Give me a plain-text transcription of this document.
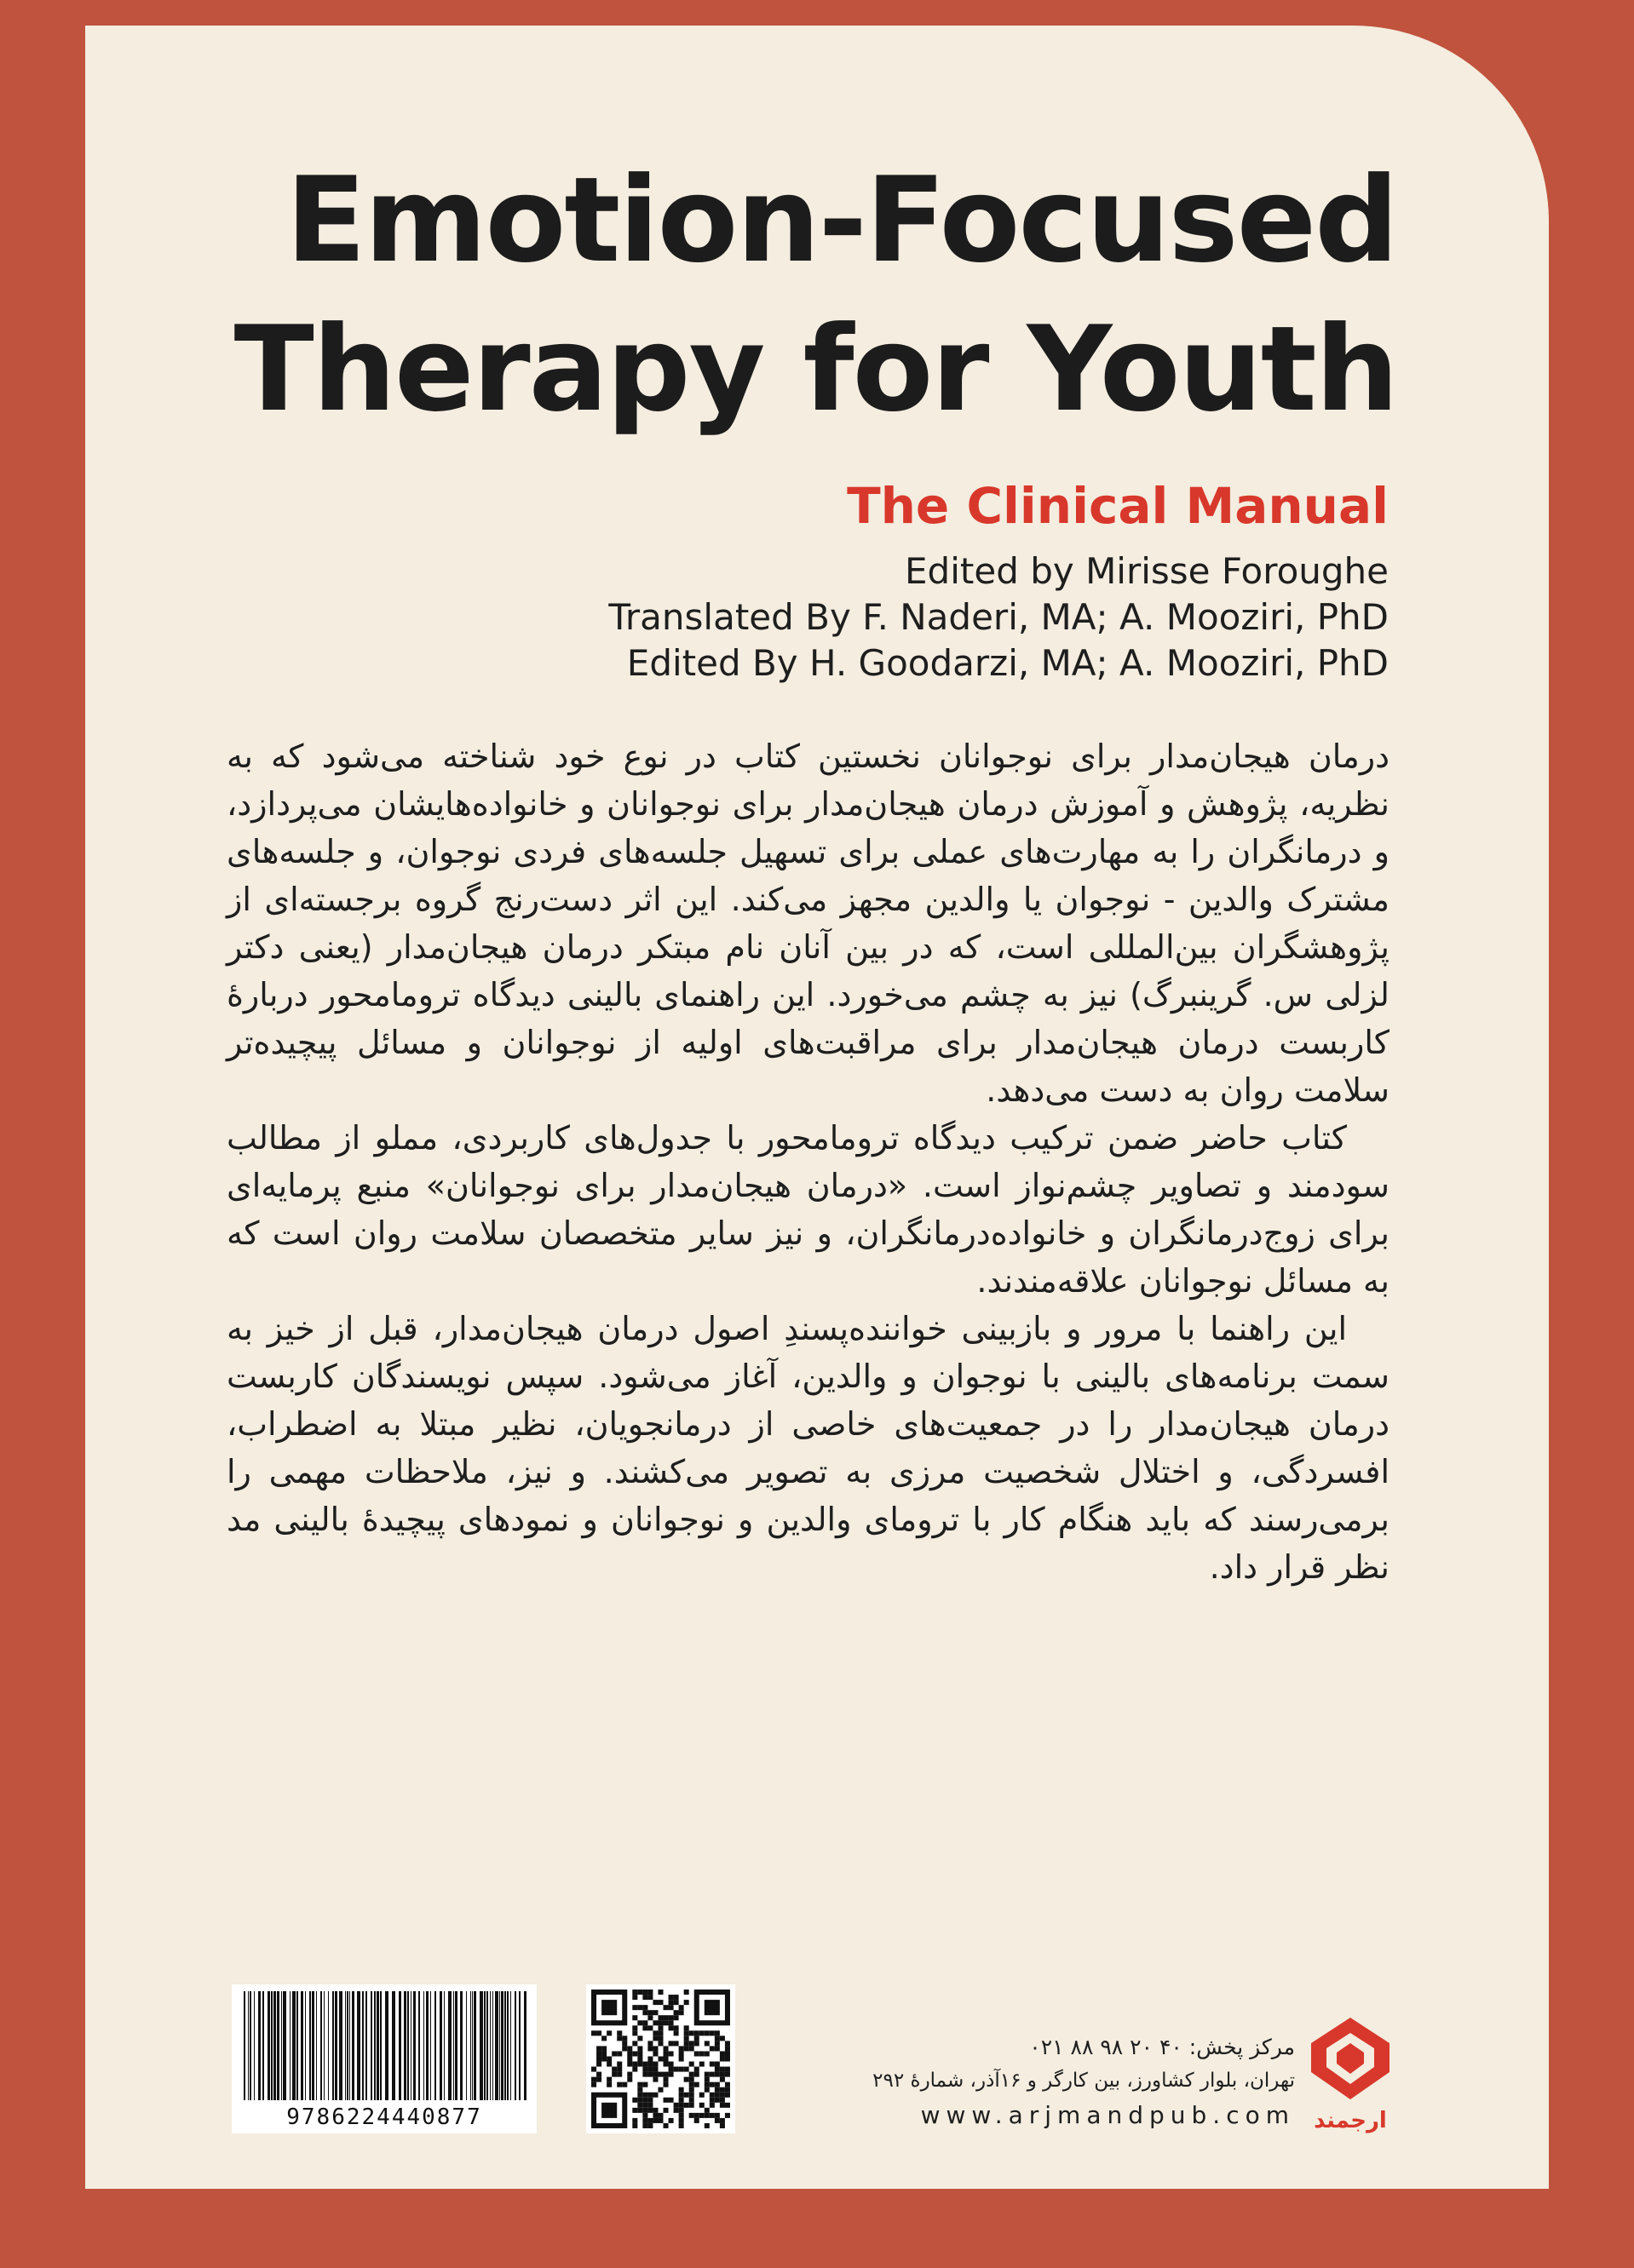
Emotion-Focused
Therapy for Youth
The Clinical Manual
Edited by Mirisse Foroughe
Translated By F. Naderi, MA; A. Mooziri, PhD
Edited By H. Goodarzi, MA; A. Mooziri, PhD

درمان هیجان‌مدار برای نوجوانان نخستین کتاب در نوع خود شناخته می‌شود که به نظریه، پژوهش و آموزش درمان هیجان‌مدار برای نوجوانان و خانواده‌هایشان می‌پردازد، و درمانگران را به مهارت‌های عملی برای تسهیل جلسه‌های فردی نوجوان، و جلسه‌های مشترک والدین - نوجوان یا والدین مجهز می‌کند. این اثر دست‌رنج گروه برجسته‌ای از پژوهشگران بین‌المللی است، که در بین آنان نام مبتکر درمان هیجان‌مدار (یعنی دکتر لزلی س. گرینبرگ) نیز به چشم می‌خورد. این راهنمای بالینی دیدگاه ترومامحور دربارهٔ کاربست درمان هیجان‌مدار برای مراقبت‌های اولیه از نوجوانان و مسائل پیچیده‌تر سلامت روان به دست می‌دهد.

کتاب حاضر ضمن ترکیب دیدگاه ترومامحور با جدول‌های کاربردی، مملو از مطالب سودمند و تصاویر چشم‌نواز است. «درمان هیجان‌مدار برای نوجوانان» منبع پرمایه‌ای برای زوج‌درمانگران و خانواده‌درمانگران، و نیز سایر متخصصان سلامت روان است که به مسائل نوجوانان علاقه‌مندند.

این راهنما با مرور و بازبینی خواننده‌پسندِ اصول درمان هیجان‌مدار، قبل از خیز به سمت برنامه‌های بالینی با نوجوان و والدین، آغاز می‌شود. سپس نویسندگان کاربست درمان هیجان‌مدار را در جمعیت‌های خاصی از درمانجویان، نظیر مبتلا به اضطراب، افسردگی، و اختلال شخصیت مرزی به تصویر می‌کشند. و نیز، ملاحظات مهمی را برمی‌رسند که باید هنگام کار با ترومای والدین و نوجوانان و نمودهای پیچیدهٔ بالینی مد نظر قرار داد.

9786224440877
مرکز پخش: ۴۰ ۲۰ ۹۸ ۸۸ ۰۲۱
تهران، بلوار کشاورز، بین کارگر و ۱۶آذر، شمارهٔ ۲۹۲
www.arjmandpub.com ارجمند
